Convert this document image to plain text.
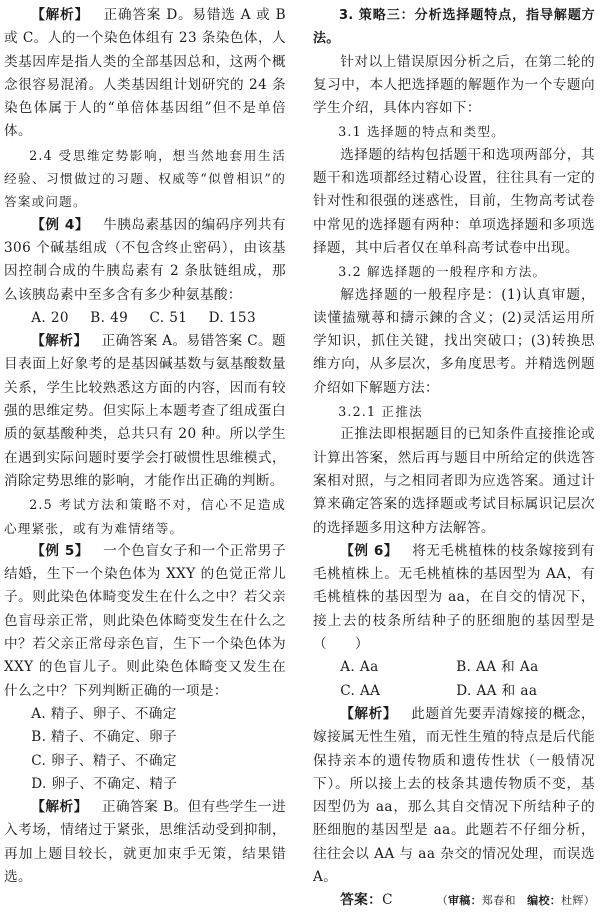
【解析】 正确答案 D。易错选 A 或 B 或 C。人的一个染色体组有 23 条染色体，人类基因库是指人类的全部基因总和，这两个概念很容易混淆。人类基因组计划研究的 24 条染色体属于人的“单倍体基因组”但不是单倍体。

2.4 受思维定势影响，想当然地套用生活经验、习惯做过的习题、权威等“似曾相识”的答案或问题。

【例 4】 牛胰岛素基因的编码序列共有 306 个碱基组成（不包含终止密码），由该基因控制合成的牛胰岛素有 2 条肽链组成，那么该胰岛素中至多含有多少种氨基酸：

A. 20 B. 49 C. 51 D. 153

【解析】 正确答案 A。易错答案 C。题目表面上好象考的是基因碱基数与氨基酸数量关系，学生比较熟悉这方面的内容，因而有较强的思维定势。但实际上本题考查了组成蛋白质的氨基酸种类，总共只有 20 种。所以学生在遇到实际问题时要学会打破惯性思维模式，消除定势思维的影响，才能作出正确的判断。

2.5 考试方法和策略不对，信心不足造成心理紧张，或有为难情绪等。

【例 5】 一个色盲女子和一个正常男子结婚，生下一个染色体为 XXY 的色觉正常儿子。则此染色体畸变发生在什么之中？若父亲色盲母亲正常，则此染色体畸变发生在什么之中？若父亲正常母亲色盲，生下一个染色体为 XXY 的色盲儿子。则此染色体畸变又发生在什么之中？下列判断正确的一项是：

A. 精子、卵子、不确定

B. 精子、不确定、卵子

C. 卵子、精子、不确定

D. 卵子、不确定、精子

【解析】 正确答案 B。但有些学生一进入考场，情绪过于紧张，思维活动受到抑制，再加上题目较长，就更加束手无策，结果错选。

3. 策略三：分析选择题特点，指导解题方法。

针对以上错误原因分析之后，在第二轮的复习中，本人把选择题的解题作为一个专题向学生介绍，具体内容如下：

3.1 选择题的特点和类型。

选择题的结构包括题干和选项两部分，其题干和选项都经过精心设置，往往具有一定的针对性和很强的迷惑性，目前，生物高考试卷中常见的选择题有两种：单项选择题和多项选择题，其中后者仅在单科高考试卷中出现。

3.2 解选择题的一般程序和方法。

解选择题的一般程序是：(1)认真审题，读懂搕殧蕁和擣示鍊的含义；(2)灵活运用所学知识，抓住关键，找出突破口；(3)转换思维方向，从多层次，多角度思考。并精选例题介绍如下解题方法：

3.2.1 正推法

正推法即根据题目的已知条件直接推论或计算出答案，然后再与题目中所给定的供选答案相对照，与之相同者即为应选答案。通过计算来确定答案的选择题或考试目标属识记层次的选择题多用这种方法解答。

【例 6】 将无毛桃植株的枝条嫁接到有毛桃植株上。无毛桃植株的基因型为 AA，有毛桃植株的基因型为 aa，在自交的情况下，接上去的枝条所结种子的胚细胞的基因型是（　　）

A. Aa	B. AA 和 Aa
C. AA	D. AA 和 aa

【解析】 此题首先要弄清嫁接的概念，嫁接属无性生殖，而无性生殖的特点是后代能保持亲本的遗传物质和遗传性状（一般情况下）。所以接上去的枝条其遗传物质不变，基因型仍为 aa，那么其自交情况下所结种子的胚细胞的基因型是 aa。此题若不仔细分析，往往会以 AA 与 aa 杂交的情况处理，而误选 A。

答案：C	（审稿：郑春和 编校：杜辉）
